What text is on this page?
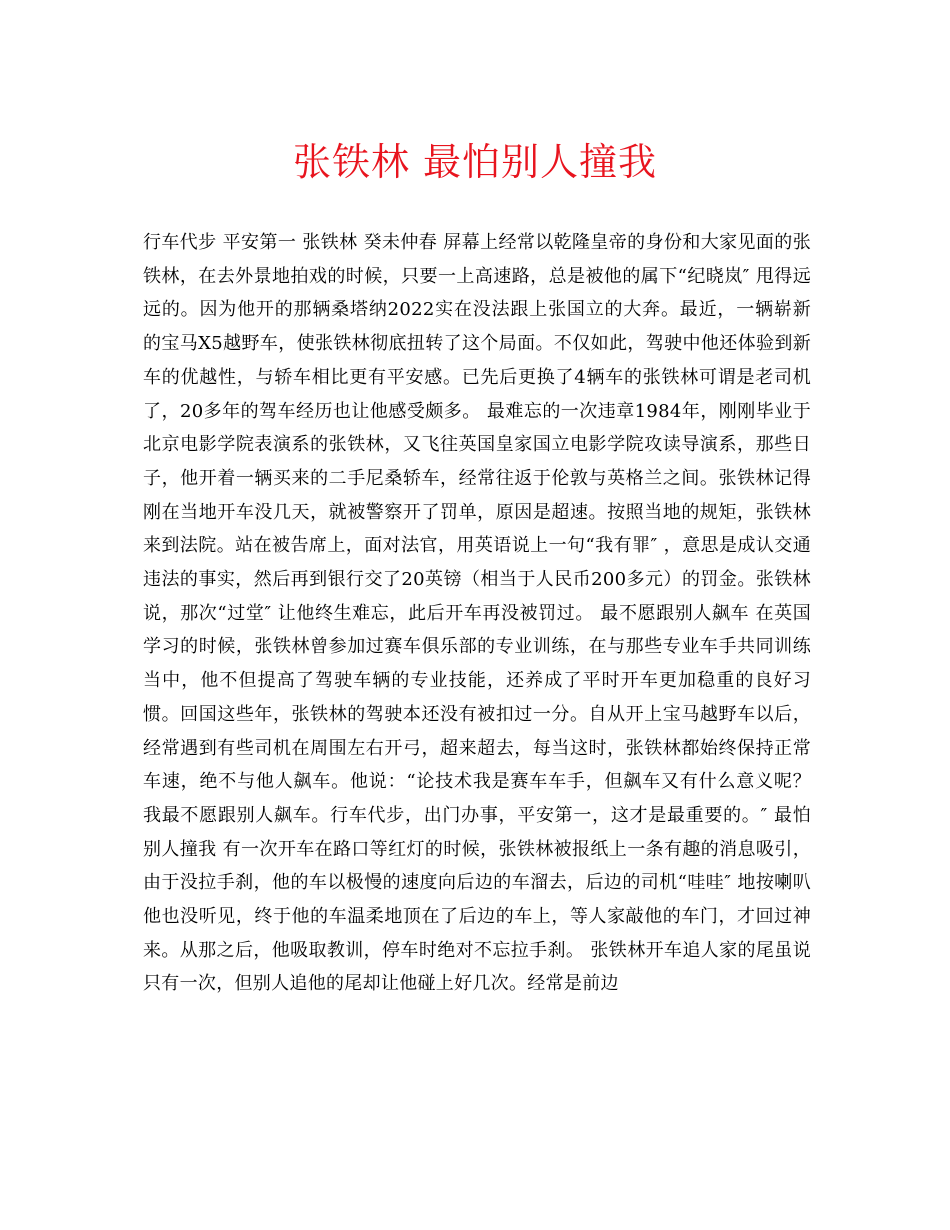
张铁林 最怕别人撞我

行车代步 平安第一 张铁林 癸未仲春 屏幕上经常以乾隆皇帝的身份和大家见面的张铁林，在去外景地拍戏的时候，只要一上高速路，总是被他的属下“纪晓岚″ 甩得远远的。因为他开的那辆桑塔纳2022实在没法跟上张国立的大奔。最近，一辆崭新的宝马X5越野车，使张铁林彻底扭转了这个局面。不仅如此，驾驶中他还体验到新车的优越性，与轿车相比更有平安感。已先后更换了4辆车的张铁林可谓是老司机了，20多年的驾车经历也让他感受颇多。 最难忘的一次违章1984年，刚刚毕业于北京电影学院表演系的张铁林，又飞往英国皇家国立电影学院攻读导演系，那些日子，他开着一辆买来的二手尼桑轿车，经常往返于伦敦与英格兰之间。张铁林记得刚在当地开车没几天，就被警察开了罚单，原因是超速。按照当地的规矩，张铁林来到法院。站在被告席上，面对法官，用英语说上一句“我有罪″ ，意思是成认交通违法的事实，然后再到银行交了20英镑（相当于人民币200多元）的罚金。张铁林说，那次“过堂″ 让他终生难忘，此后开车再没被罚过。 最不愿跟别人飙车 在英国学习的时候，张铁林曾参加过赛车俱乐部的专业训练，在与那些专业车手共同训练当中，他不但提高了驾驶车辆的专业技能，还养成了平时开车更加稳重的良好习惯。回国这些年，张铁林的驾驶本还没有被扣过一分。自从开上宝马越野车以后，经常遇到有些司机在周围左右开弓，超来超去，每当这时，张铁林都始终保持正常车速，绝不与他人飙车。他说：“论技术我是赛车车手，但飙车又有什么意义呢？我最不愿跟别人飙车。行车代步，出门办事，平安第一，这才是最重要的。″ 最怕别人撞我 有一次开车在路口等红灯的时候，张铁林被报纸上一条有趣的消息吸引，由于没拉手刹，他的车以极慢的速度向后边的车溜去，后边的司机“哇哇″ 地按喇叭他也没听见，终于他的车温柔地顶在了后边的车上，等人家敲他的车门，才回过神来。从那之后，他吸取教训，停车时绝对不忘拉手刹。 张铁林开车追人家的尾虽说只有一次，但别人追他的尾却让他碰上好几次。经常是前边
